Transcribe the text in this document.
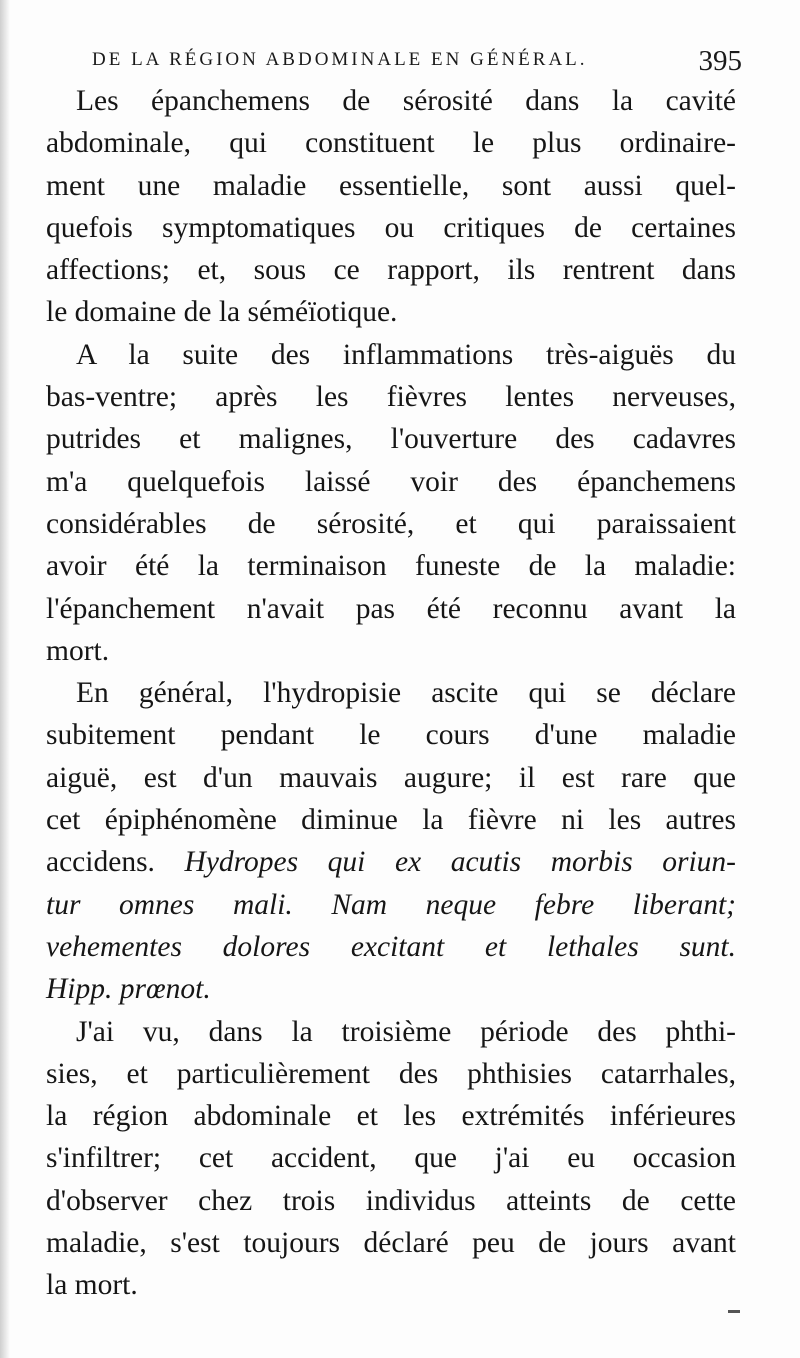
DE LA RÉGION ABDOMINALE EN GÉNÉRAL.	395
Les épanchemens de sérosité dans la cavité
abdominale, qui constituent le plus ordinaire-
ment une maladie essentielle, sont aussi quel-
quefois symptomatiques ou critiques de certaines
affections; et, sous ce rapport, ils rentrent dans
le domaine de la séméïotique.
A la suite des inflammations très-aiguës du
bas-ventre; après les fièvres lentes nerveuses,
putrides et malignes, l'ouverture des cadavres
m'a quelquefois laissé voir des épanchemens
considérables de sérosité, et qui paraissaient
avoir été la terminaison funeste de la maladie:
l'épanchement n'avait pas été reconnu avant la
mort.
En général, l'hydropisie ascite qui se déclare
subitement pendant le cours d'une maladie
aiguë, est d'un mauvais augure; il est rare que
cet épiphénomène diminue la fièvre ni les autres
accidens. Hydropes qui ex acutis morbis oriun-
tur omnes mali. Nam neque febre liberant;
vehementes dolores excitant et lethales sunt.
Hipp. prœnot.
J'ai vu, dans la troisième période des phthi-
sies, et particulièrement des phthisies catarrhales,
la région abdominale et les extrémités inférieures
s'infiltrer; cet accident, que j'ai eu occasion
d'observer chez trois individus atteints de cette
maladie, s'est toujours déclaré peu de jours avant
la mort.
